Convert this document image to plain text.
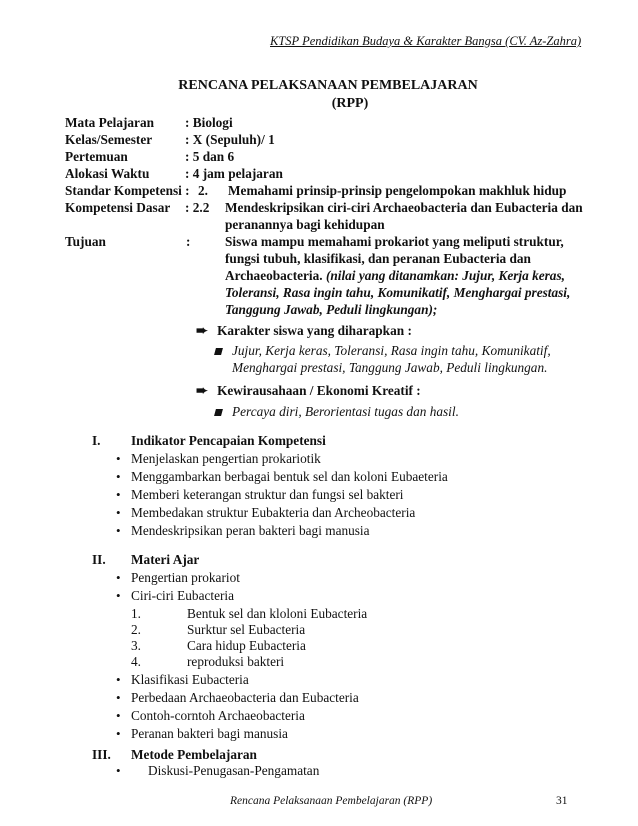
KTSP Pendidikan Budaya & Karakter Bangsa (CV. Az-Zahra)
RENCANA PELAKSANAAN PEMBELAJARAN
(RPP)
Mata Pelajaran : Biologi
Kelas/Semester : X (Sepuluh)/ 1
Pertemuan	: 5 dan 6
Alokasi Waktu	: 4 jam pelajaran
Standar Kompetensi : 2. Memahami prinsip-prinsip pengelompokan makhluk hidup
Kompetensi Dasar : 2.2 Mendeskripsikan ciri-ciri Archaeobacteria dan Eubacteria dan
peranannya bagi kehidupan
Tujuan	:	Siswa mampu memahami prokariot yang meliputi struktur,
fungsi tubuh, klasifikasi, dan peranan Eubacteria dan
Archaeobacteria. (nilai yang ditanamkan: Jujur, Kerja keras,
Toleransi, Rasa ingin tahu, Komunikatif, Menghargai prestasi,
Tanggung Jawab, Peduli lingkungan);
➨ Karakter siswa yang diharapkan :
Jujur, Kerja keras, Toleransi, Rasa ingin tahu, Komunikatif,
Menghargai prestasi, Tanggung Jawab, Peduli lingkungan.
➨ Kewirausahaan / Ekonomi Kreatif :
Percaya diri, Berorientasi tugas dan hasil.
I. Indikator Pencapaian Kompetensi
• Menjelaskan pengertian prokariotik
• Menggambarkan berbagai bentuk sel dan koloni Eubaeteria
• Memberi keterangan struktur dan fungsi sel bakteri
• Membedakan struktur Eubakteria dan Archeobacteria
• Mendeskripsikan peran bakteri bagi manusia
II. Materi Ajar
• Pengertian prokariot
• Ciri-ciri Eubacteria
1.	Bentuk sel dan kloloni Eubacteria
2.	Surktur sel Eubacteria
3.	Cara hidup Eubacteria
4.	reproduksi bakteri
• Klasifikasi Eubacteria
• Perbedaan Archaeobacteria dan Eubacteria
• Contoh-corntoh Archaeobacteria
• Peranan bakteri bagi manusia
III. Metode Pembelajaran
• Diskusi-Penugasan-Pengamatan
Rencana Pelaksanaan Pembelajaran (RPP)	31
